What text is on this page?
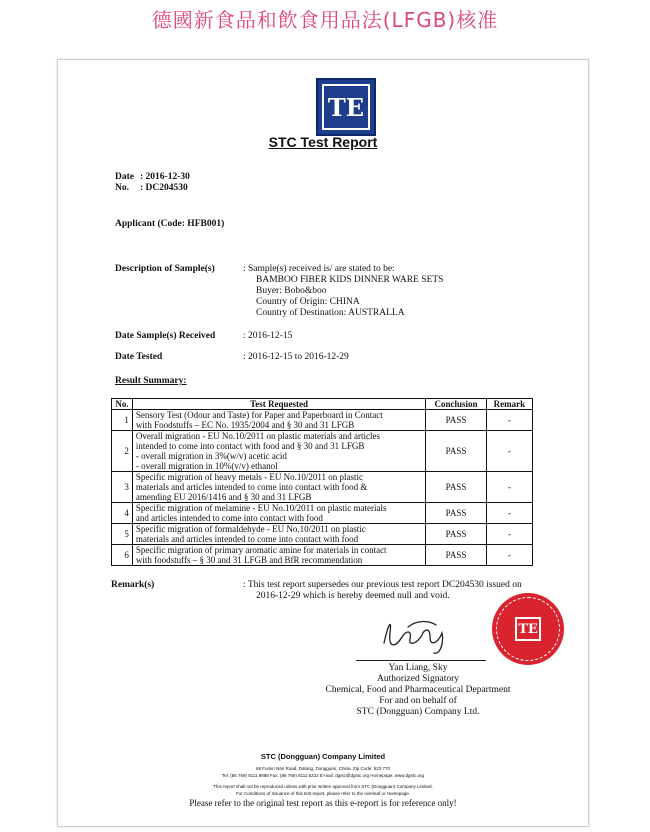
德國新食品和飲食用品法(LFGB)核准
TE
STC Test Report
Date : 2016-12-30
No. : DC204530
Applicant (Code: HFB001)
Description of Sample(s)	: Sample(s) received is/ are stated to be:
BAMBOO FIBER KIDS DINNER WARE SETS
Buyer: Bobo&boo
Country of Origin: CHINA
Country of Destination: AUSTRALLA
Date Sample(s) Received	: 2016-12-15
Date Tested	: 2016-12-15 to 2016-12-29
Result Summary:
No.	Test Requested	Conclusion	Remark
1	Sensory Test (Odour and Taste) for Paper and Paperboard in Contact
with Foodstuffs – EC No. 1935/2004 and § 30 and 31 LFGB	PASS	-
2	Overall migration - EU No.10/2011 on plastic materials and articles
intended to come into contact with food and § 30 and 31 LFGB
- overall migration in 3%(w/v) acetic acid
- overall migration in 10%(v/v) ethanol	PASS	-
3	Specific migration of heavy metals - EU No.10/2011 on plastic
materials and articles intended to come into contact with food &
amending EU 2016/1416 and § 30 and 31 LFGB	PASS	-
4	Specific migration of melamine - EU No.10/2011 on plastic materials
and articles intended to come into contact with food	PASS	-
5	Specific migration of formaldehyde - EU No.10/2011 on plastic
materials and articles intended to come into contact with food	PASS	-
6	Specific migration of primary aromatic amine for materials in contact
with foodstuffs – § 30 and 31 LFGB and BfR recommendation	PASS	-
Remark(s)	: This test report supersedes our previous test report DC204530 issued on
2016-12-29 which is hereby deemed null and void.
Yan Liang, Sky
Authorized Signatory
Chemical, Food and Pharmaceutical Department
For and on behalf of
STC (Dongguan) Company Ltd.
TE
STC (Dongguan) Company Limited
68 Fumin Nan Road, Dalang, Dongguan, China. Zip Code: 523 770
Tel: (86 769) 8111 9888 Fax: (86 769) 8111 6222 E-mail: dgstc@dgstc.org Homepage: www.dgstc.org
This report shall not be reproduced unless with prior written approval from STC (Dongguan) Company Limited.
For Conditions of Issuance of this test report, please refer to the overleaf or Homepage.
Please refer to the original test report as this e-report is for reference only!
